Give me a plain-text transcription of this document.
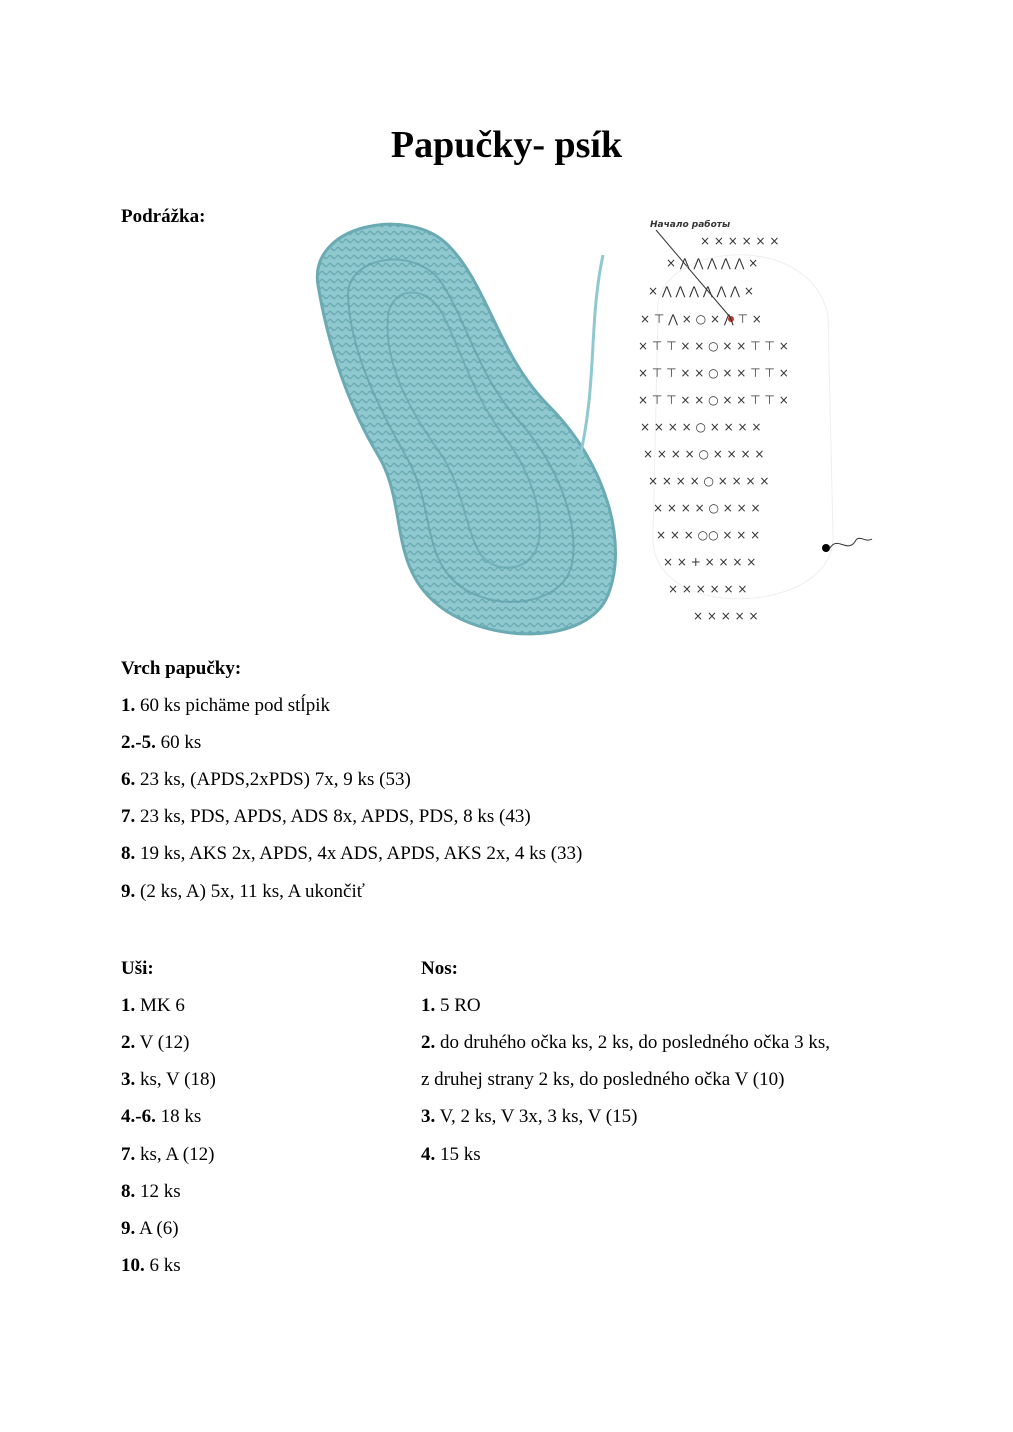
Papučky- psík
Podrážka:	Начало работы
× × × × × ×
× ⋀ ⋀ ⋀ ⋀ ⋀ ×
× ⋀ ⋀ ⋀ ⋀ ⋀ ⋀ ×
× ⊤ ⋀ × ○ × ⋀ ⊤ ×
× ⊤ ⊤ × × ○ × × ⊤ ⊤ ×
× ⊤ ⊤ × × ○ × × ⊤ ⊤ ×
× ⊤ ⊤ × × ○ × × ⊤ ⊤ ×
× × × × ○ × × × ×
× × × × ○ × × × ×
× × × × ○ × × × ×
× × × × ○ × × ×
× × × ○○ × × ×
× × + × × × ×
× × × × × ×
× × × × ×
Vrch papučky:
1. 60 ks pichäme pod stĺpik
2.-5. 60 ks
6. 23 ks, (APDS,2xPDS) 7x, 9 ks (53)
7. 23 ks, PDS, APDS, ADS 8x, APDS, PDS, 8 ks (43)
8. 19 ks, AKS 2x, APDS, 4x ADS, APDS, AKS 2x, 4 ks (33)
9. (2 ks, A) 5x, 11 ks, A ukončiť
Uši:
1. MK 6
2. V (12)
3. ks, V (18)
4.-6. 18 ks
7. ks, A (12)
8. 12 ks
9. A (6)
10. 6 ks
Nos:
1. 5 RO
2. do druhého očka ks, 2 ks, do posledného očka 3 ks,
z druhej strany 2 ks, do posledného očka V (10)
3. V, 2 ks, V 3x, 3 ks, V (15)
4. 15 ks
